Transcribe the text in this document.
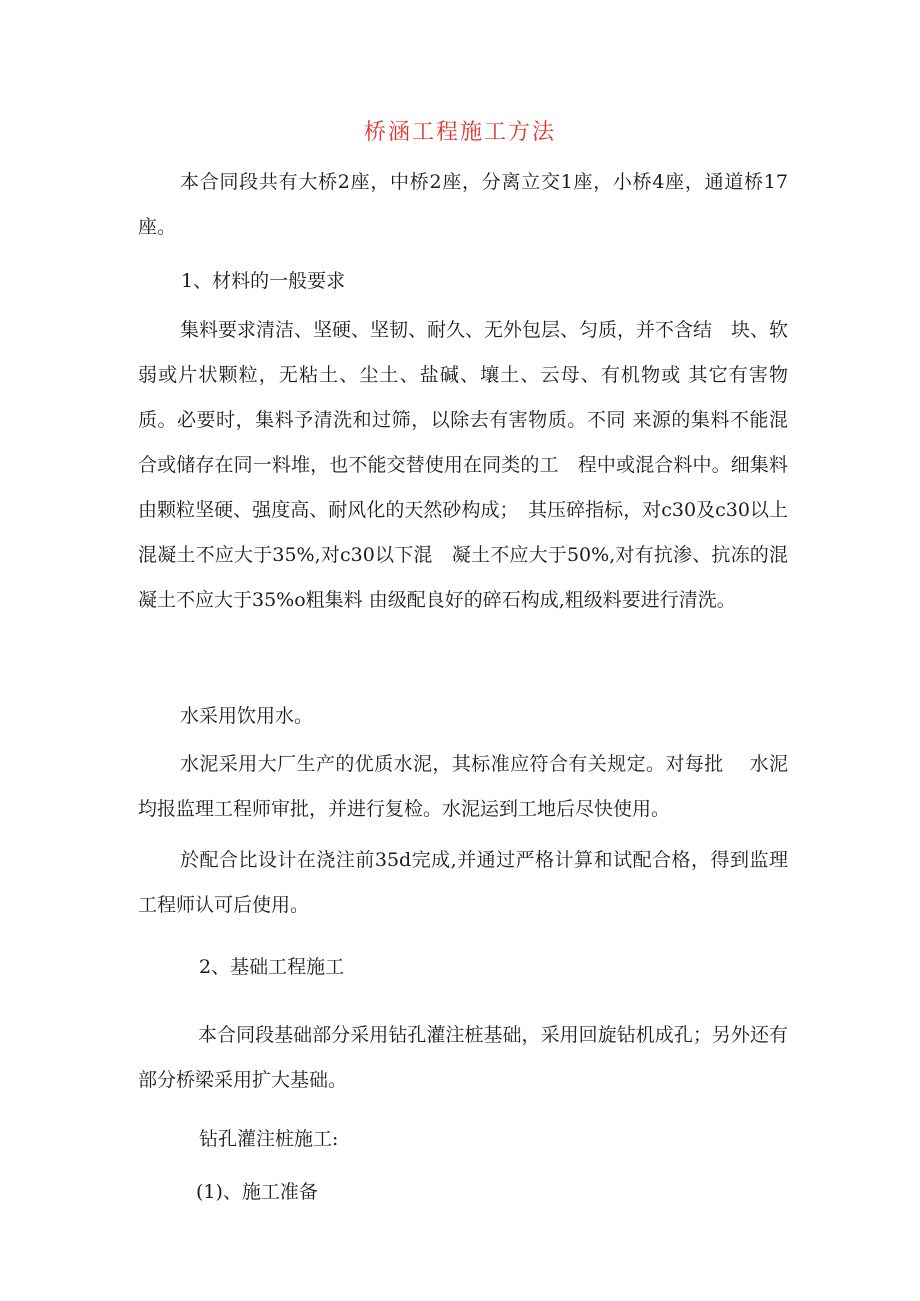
桥涵工程施工方法

本合同段共有大桥2座，中桥2座，分离立交1座，小桥4座，通道桥17座。

1、材料的一般要求

集料要求清洁、坚硬、坚韧、耐久、无外包层、匀质，并不含结　块、软弱或片状颗粒，无粘土、尘土、盐碱、壤土、云母、有机物或 其它有害物质。必要时，集料予清洗和过筛，以除去有害物质。不同 来源的集料不能混合或储存在同一料堆，也不能交替使用在同类的工　程中或混合料中。细集料由颗粒坚硬、强度高、耐风化的天然砂构成；　其压碎指标，对c30及c30以上混凝土不应大于35%,对c30以下混　凝土不应大于50%,对有抗渗、抗冻的混凝土不应大于35%o粗集料 由级配良好的碎石构成,粗级料要进行清洗。

水采用饮用水。

水泥采用大厂生产的优质水泥，其标准应符合有关规定。对每批　 水泥均报监理工程师审批，并进行复检。水泥运到工地后尽快使用。

於配合比设计在浇注前35d完成,并通过严格计算和试配合格，得到监理工程师认可后使用。

2、基础工程施工

本合同段基础部分采用钻孔灌注桩基础，采用回旋钻机成孔；另外还有部分桥梁采用扩大基础。

钻孔灌注桩施工:

(1)、施工准备
